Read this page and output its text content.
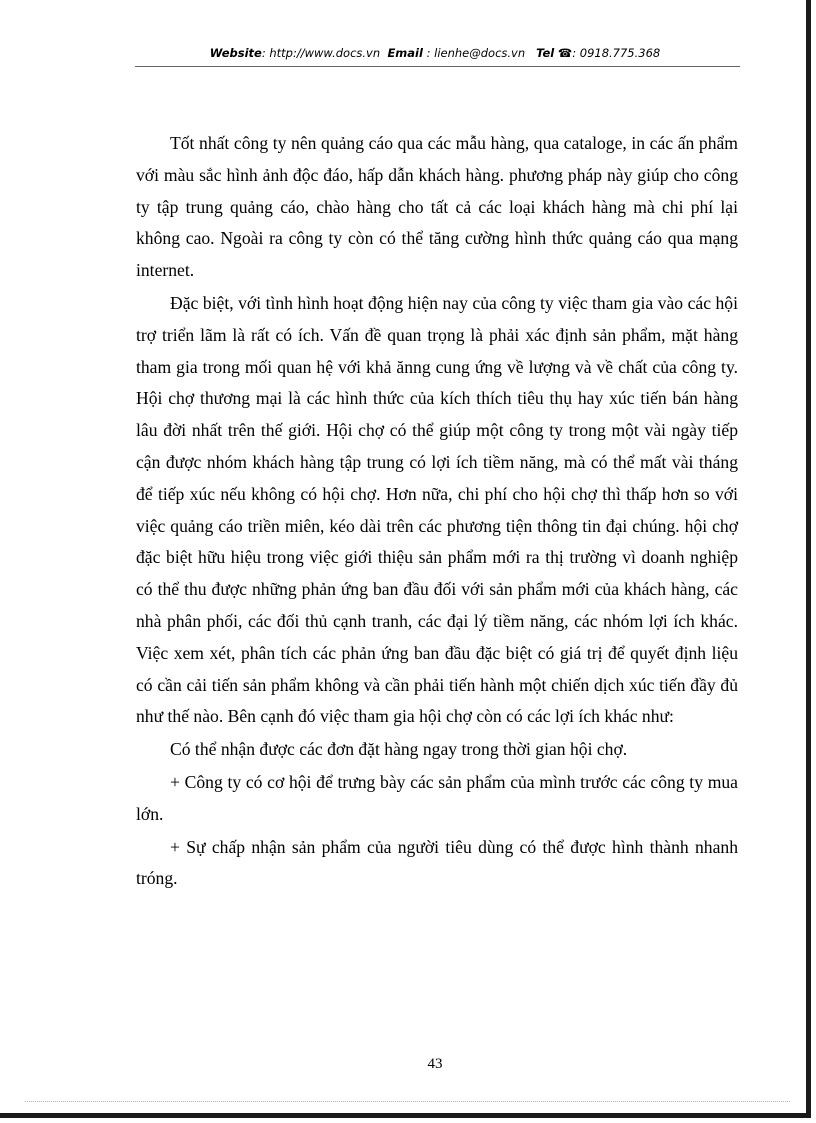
Website: http://www.docs.vn Email : lienhe@docs.vn Tel ☎: 0918.775.368

Tốt nhất công ty nên quảng cáo qua các mẫu hàng, qua cataloge, in các ấn phẩm với màu sắc hình ảnh độc đáo, hấp dẫn khách hàng. phương pháp này giúp cho công ty tập trung quảng cáo, chào hàng cho tất cả các loại khách hàng mà chi phí lại không cao. Ngoài ra công ty còn có thể tăng cường hình thức quảng cáo qua mạng internet.

Đặc biệt, với tình hình hoạt động hiện nay của công ty việc tham gia vào các hội trợ triển lãm là rất có ích. Vấn đề quan trọng là phải xác định sản phẩm, mặt hàng tham gia trong mối quan hệ với khả ănng cung ứng về lượng và về chất của công ty. Hội chợ thương mại là các hình thức của kích thích tiêu thụ hay xúc tiến bán hàng lâu đời nhất trên thế giới. Hội chợ có thể giúp một công ty trong một vài ngày tiếp cận được nhóm khách hàng tập trung có lợi ích tiềm năng, mà có thể mất vài tháng để tiếp xúc nếu không có hội chợ. Hơn nữa, chi phí cho hội chợ thì thấp hơn so với việc quảng cáo triền miên, kéo dài trên các phương tiện thông tin đại chúng. hội chợ đặc biệt hữu hiệu trong việc giới thiệu sản phẩm mới ra thị trường vì doanh nghiệp có thể thu được những phản ứng ban đầu đối với sản phẩm mới của khách hàng, các nhà phân phối, các đối thủ cạnh tranh, các đại lý tiềm năng, các nhóm lợi ích khác. Việc xem xét, phân tích các phản ứng ban đầu đặc biệt có giá trị để quyết định liệu có cần cải tiến sản phẩm không và cần phải tiến hành một chiến dịch xúc tiến đầy đủ như thế nào. Bên cạnh đó việc tham gia hội chợ còn có các lợi ích khác như:

Có thể nhận được các đơn đặt hàng ngay trong thời gian hội chợ.

+ Công ty có cơ hội để trưng bày các sản phẩm của mình trước các công ty mua lớn.

+ Sự chấp nhận sản phẩm của người tiêu dùng có thể được hình thành nhanh tróng.

43
